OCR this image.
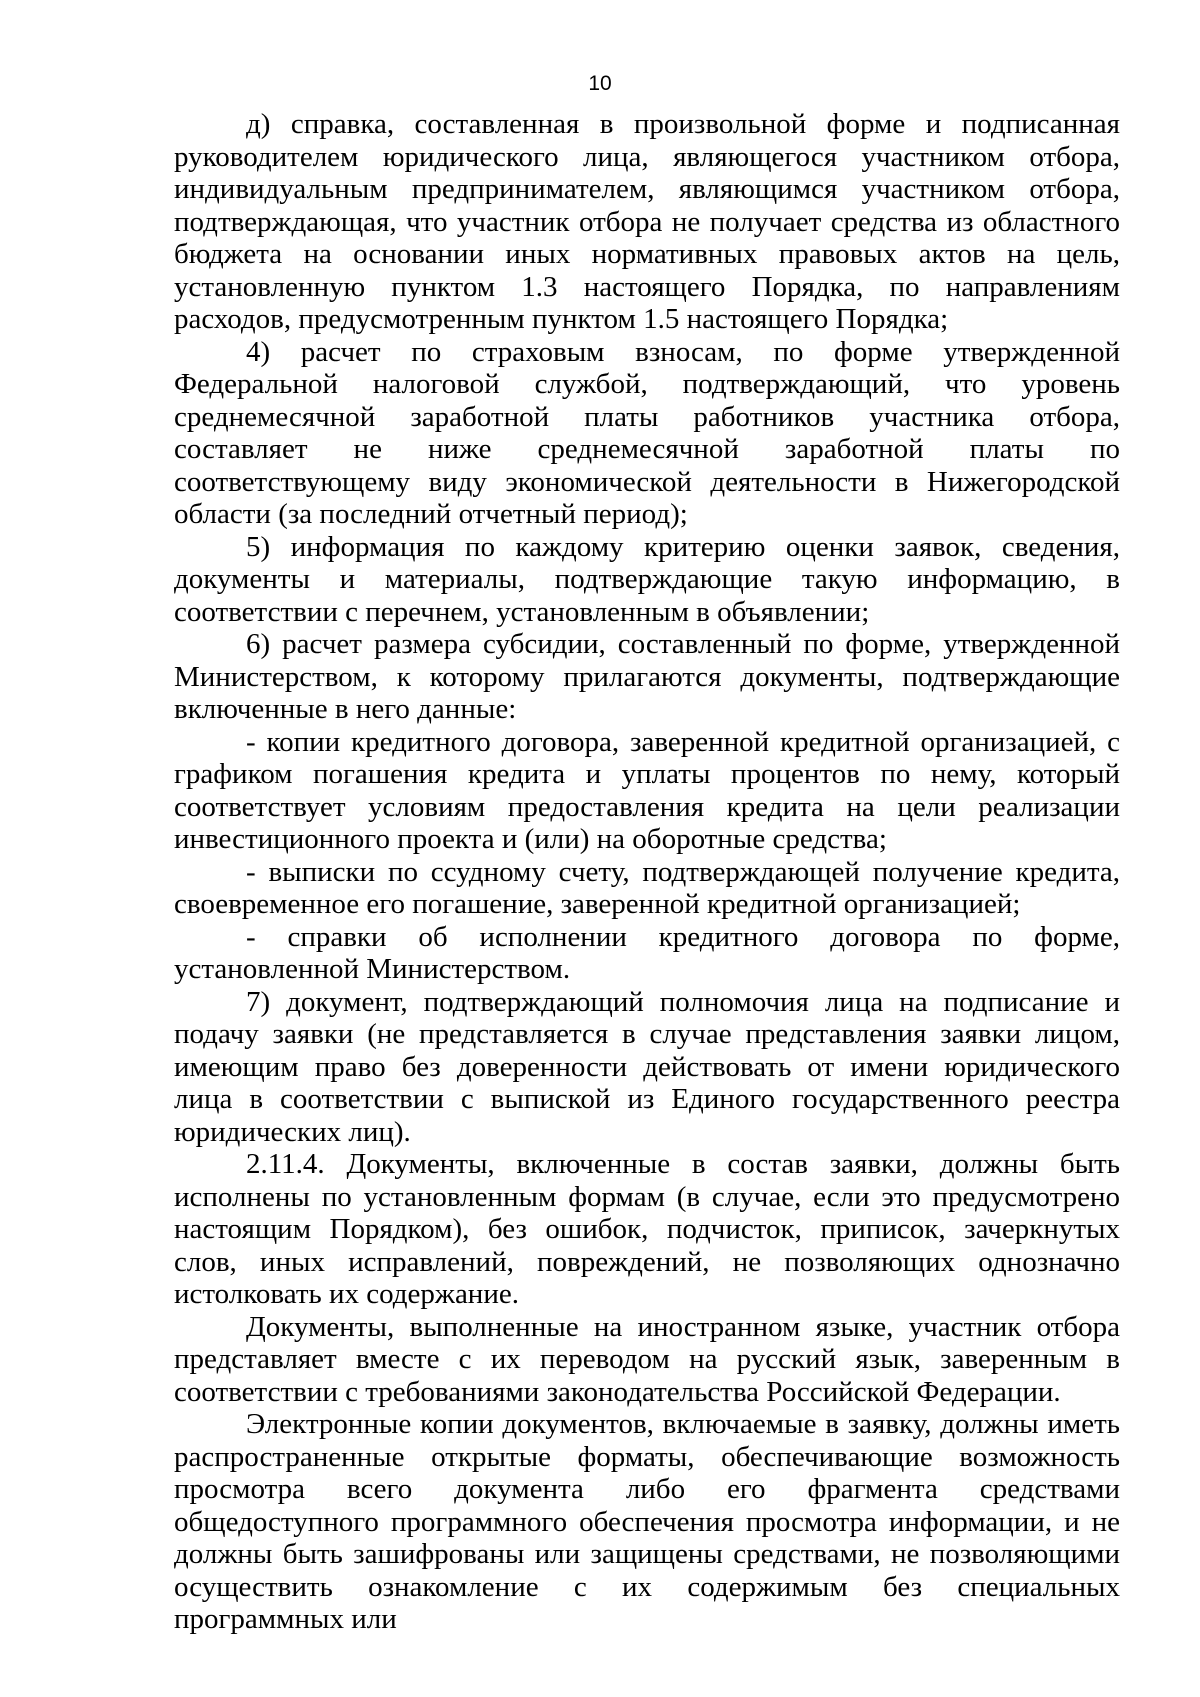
10

д) справка, составленная в произвольной форме и подписанная руководителем юридического лица, являющегося участником отбора, индивидуальным предпринимателем, являющимся участником отбора, подтверждающая, что участник отбора не получает средства из областного бюджета на основании иных нормативных правовых актов на цель, установленную пунктом 1.3 настоящего Порядка, по направлениям расходов, предусмотренным пунктом 1.5 настоящего Порядка;

4) расчет по страховым взносам, по форме утвержденной Федеральной налоговой службой, подтверждающий, что уровень среднемесячной заработной платы работников участника отбора, составляет не ниже среднемесячной заработной платы по соответствующему виду экономической деятельности в Нижегородской области (за последний отчетный период);

5) информация по каждому критерию оценки заявок, сведения, документы и материалы, подтверждающие такую информацию, в соответствии с перечнем, установленным в объявлении;

6) расчет размера субсидии, составленный по форме, утвержденной Министерством, к которому прилагаются документы, подтверждающие включенные в него данные:

- копии кредитного договора, заверенной кредитной организацией, с графиком погашения кредита и уплаты процентов по нему, который соответствует условиям предоставления кредита на цели реализации инвестиционного проекта и (или) на оборотные средства;

- выписки по ссудному счету, подтверждающей получение кредита, своевременное его погашение, заверенной кредитной организацией;

- справки об исполнении кредитного договора по форме, установленной Министерством.

7) документ, подтверждающий полномочия лица на подписание и подачу заявки (не представляется в случае представления заявки лицом, имеющим право без доверенности действовать от имени юридического лица в соответствии с выпиской из Единого государственного реестра юридических лиц).

2.11.4. Документы, включенные в состав заявки, должны быть исполнены по установленным формам (в случае, если это предусмотрено настоящим Порядком), без ошибок, подчисток, приписок, зачеркнутых слов, иных исправлений, повреждений, не позволяющих однозначно истолковать их содержание.

Документы, выполненные на иностранном языке, участник отбора представляет вместе с их переводом на русский язык, заверенным в соответствии с требованиями законодательства Российской Федерации.

Электронные копии документов, включаемые в заявку, должны иметь распространенные открытые форматы, обеспечивающие возможность просмотра всего документа либо его фрагмента средствами общедоступного программного обеспечения просмотра информации, и не должны быть зашифрованы или защищены средствами, не позволяющими осуществить ознакомление с их содержимым без специальных программных или
